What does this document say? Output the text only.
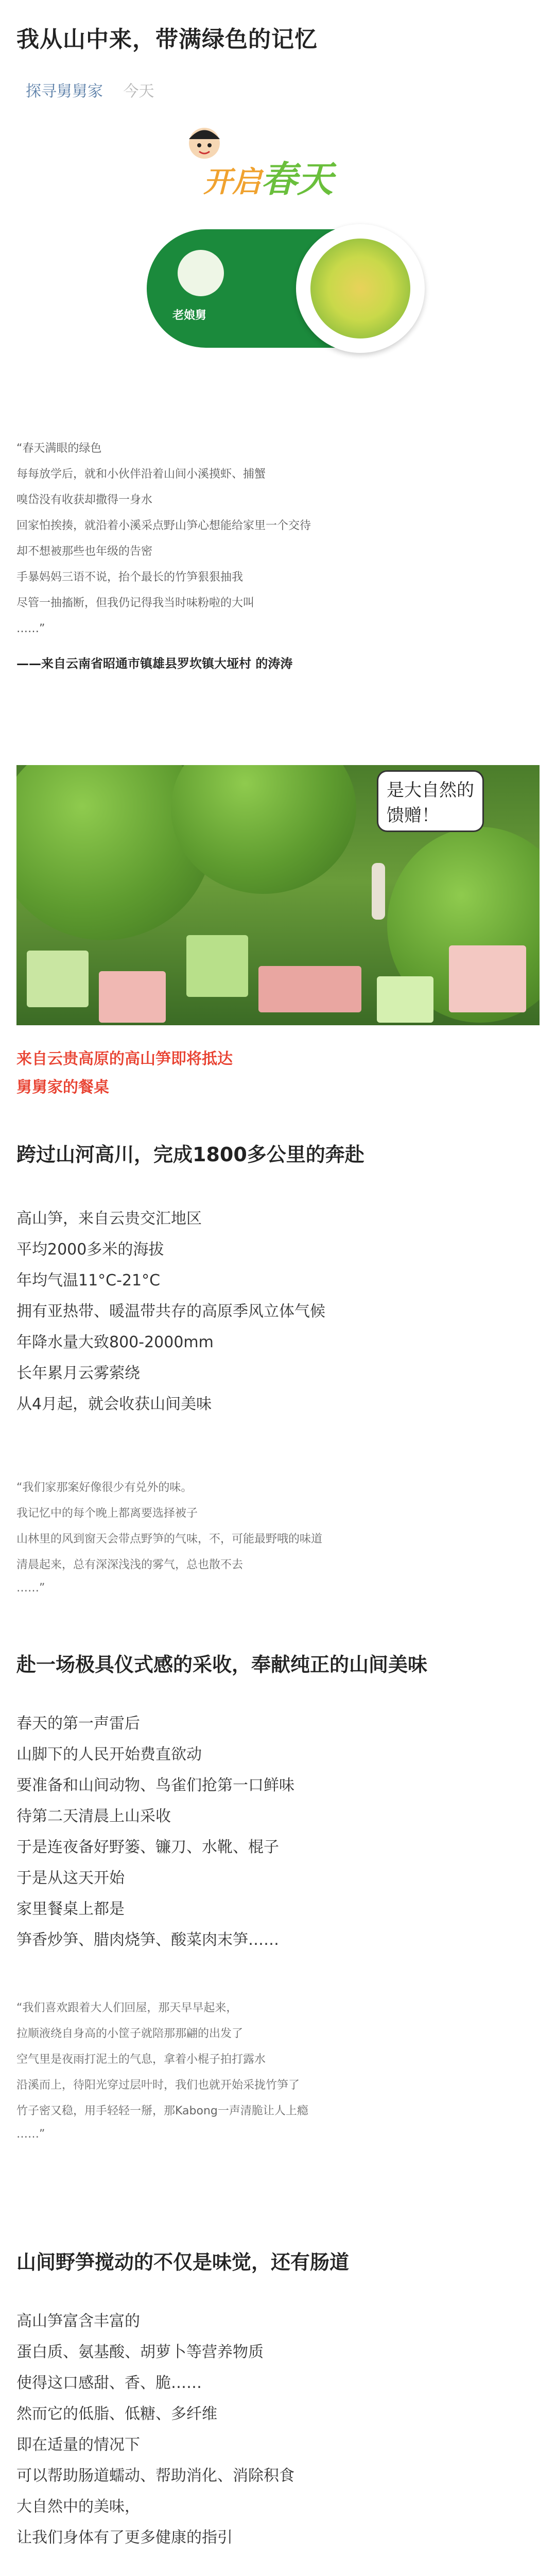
我从山中来，带满绿色的记忆
探寻舅舅家 今天
开启春天
老娘舅
“春天满眼的绿色
每每放学后，就和小伙伴沿着山间小溪摸虾、捕蟹
嗅岱没有收获却撒得一身水
回家怕挨揍，就沿着小溪采点野山笋心想能给家里一个交待
却不想被那些也年级的告密
手暴妈妈三语不说，抬个最长的竹笋狠狠抽我
尽管一抽搐断，但我仍记得我当时味粉啦的大叫
……”
——来自云南省昭通市镇雄县罗坎镇大垭村 的涛涛
是大自然的
馈赠！
来自云贵高原的高山笋即将抵达
舅舅家的餐桌
跨过山河高川，完成1800多公里的奔赴
高山笋，来自云贵交汇地区
平均2000多米的海拔
年均气温11°C-21°C
拥有亚热带、暖温带共存的高原季风立体气候
年降水量大致800-2000mm
长年累月云雾萦绕
从4月起，就会收获山间美味
“我们家那案好像很少有兑外的味。
我记忆中的每个晚上都离要选择被子
山林里的风到窗天会带点野笋的气味，不，可能最野哦的味道
清晨起来，总有深深浅浅的雾气，总也散不去
……”
赴一场极具仪式感的采收，奉献纯正的山间美味
春天的第一声雷后
山脚下的人民开始费直欲动
要准备和山间动物、鸟雀们抢第一口鲜味
待第二天清晨上山采收
于是连夜备好野篓、镰刀、水靴、棍子
于是从这天开始
家里餐桌上都是
笋香炒笋、腊肉烧笋、酸菜肉末笋……
“我们喜欢跟着大人们回屋，那天早早起来，
拉顺液绕自身高的小筐子就陪那那翩的出发了
空气里是夜雨打泥土的气息，拿着小棍子拍打露水
沿溪而上，待阳光穿过层叶时，我们也就开始采拢竹笋了
竹子密又稳，用手轻轻一掰，那Kabong一声清脆让人上瘾
……”
山间野笋搅动的不仅是味觉，还有肠道
高山笋富含丰富的
蛋白质、氨基酸、胡萝卜等营养物质
使得这口感甜、香、脆……
然而它的低脂、低糖、多纤维
即在适量的情况下
可以帮助肠道蠕动、帮助消化、消除积食
大自然中的美味，
让我们身体有了更多健康的指引
